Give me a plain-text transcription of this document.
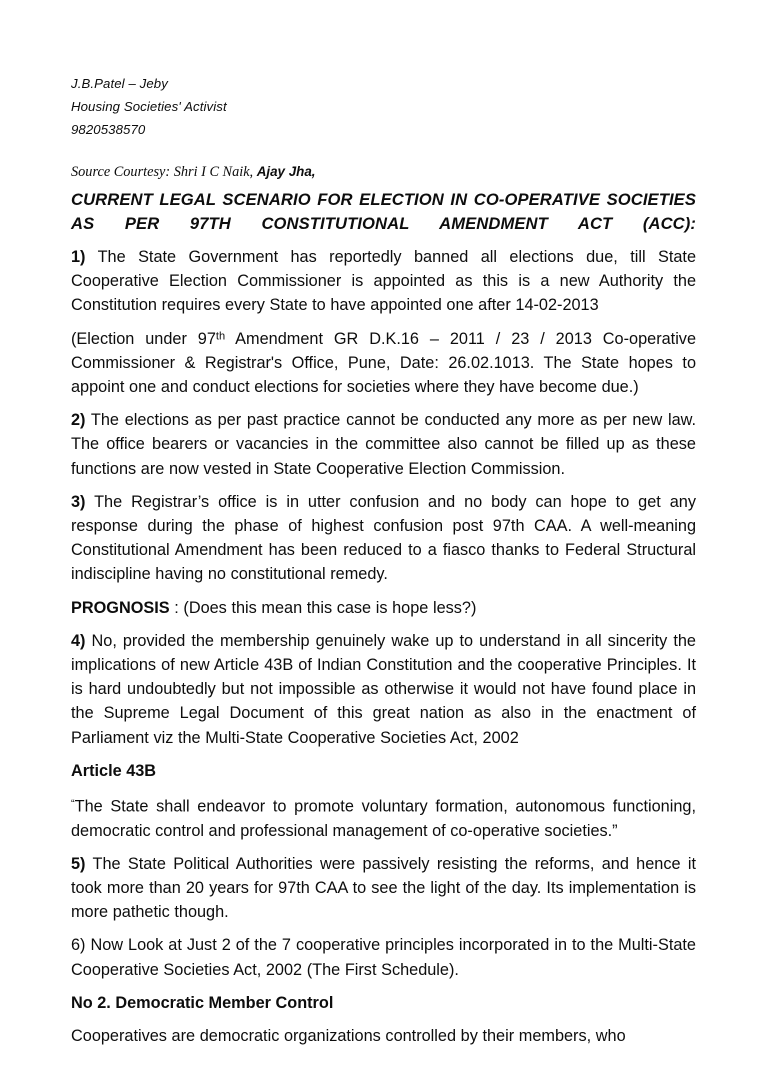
J.B.Patel – Jeby
Housing Societies' Activist
9820538570
Source Courtesy: Shri I C Naik, Ajay Jha,
CURRENT LEGAL SCENARIO FOR ELECTION IN CO-OPERATIVE SOCIETIES AS PER 97TH CONSTITUTIONAL AMENDMENT ACT (ACC):

1) The State Government has reportedly banned all elections due, till State Cooperative Election Commissioner is appointed as this is a new Authority the Constitution requires every State to have appointed one after 14-02-2013

(Election under 97th Amendment GR D.K.16 – 2011 / 23 / 2013 Co-operative Commissioner & Registrar's Office, Pune, Date: 26.02.1013. The State hopes to appoint one and conduct elections for societies where they have become due.)

2) The elections as per past practice cannot be conducted any more as per new law. The office bearers or vacancies in the committee also cannot be filled up as these functions are now vested in State Cooperative Election Commission.

3) The Registrar’s office is in utter confusion and no body can hope to get any response during the phase of highest confusion post 97th CAA. A well-meaning Constitutional Amendment has been reduced to a fiasco thanks to Federal Structural indiscipline having no constitutional remedy.

PROGNOSIS : (Does this mean this case is hope less?)

4) No, provided the membership genuinely wake up to understand in all sincerity the implications of new Article 43B of Indian Constitution and the cooperative Principles. It is hard undoubtedly but not impossible as otherwise it would not have found place in the Supreme Legal Document of this great nation as also in the enactment of Parliament viz the Multi-State Cooperative Societies Act, 2002

Article 43B

“The State shall endeavor to promote voluntary formation, autonomous functioning, democratic control and professional management of co-operative societies.”

5) The State Political Authorities were passively resisting the reforms, and hence it took more than 20 years for 97th CAA to see the light of the day. Its implementation is more pathetic though.

6) Now Look at Just 2 of the 7 cooperative principles incorporated in to the Multi-State Cooperative Societies Act, 2002 (The First Schedule).

No 2. Democratic Member Control

Cooperatives are democratic organizations controlled by their members, who
